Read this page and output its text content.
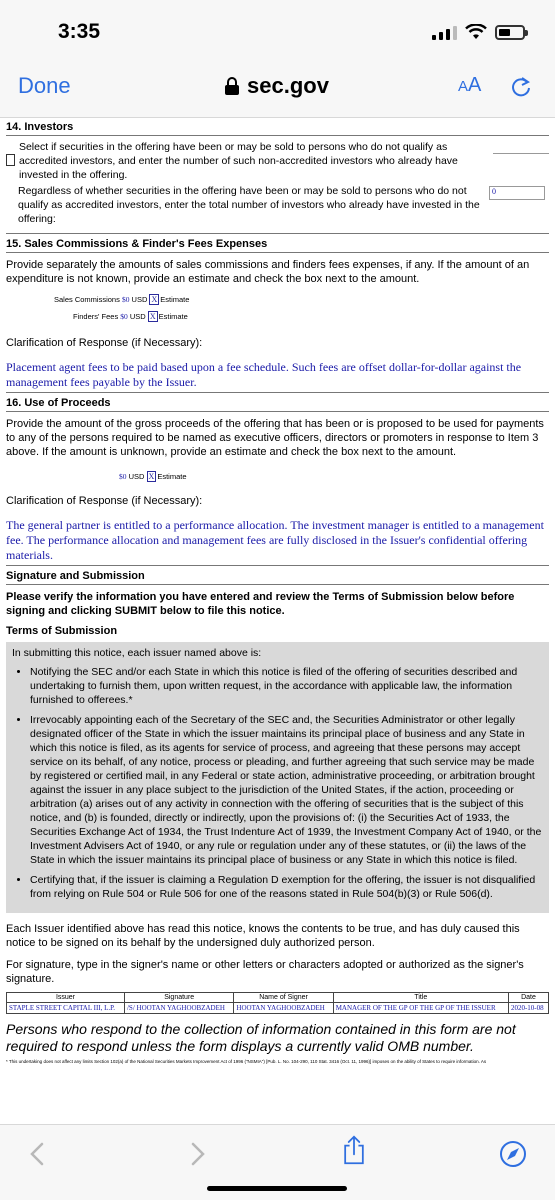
3:35
Done	sec.gov	AA
14. Investors
Select if securities in the offering have been or may be sold to persons who do not qualify as accredited investors, and enter the number of such non-accredited investors who already have invested in the offering.
Regardless of whether securities in the offering have been or may be sold to persons who do not qualify as accredited investors, enter the total number of investors who already have invested in the offering:
0
15. Sales Commissions & Finder's Fees Expenses
Provide separately the amounts of sales commissions and finders fees expenses, if any. If the amount of an expenditure is not known, provide an estimate and check the box next to the amount.
Sales Commissions $0 USD X Estimate
Finders' Fees $0 USD X Estimate
Clarification of Response (if Necessary):
Placement agent fees to be paid based upon a fee schedule. Such fees are offset dollar-for-dollar against the management fees payable by the Issuer.
16. Use of Proceeds
Provide the amount of the gross proceeds of the offering that has been or is proposed to be used for payments to any of the persons required to be named as executive officers, directors or promoters in response to Item 3 above. If the amount is unknown, provide an estimate and check the box next to the amount.
$0 USD X Estimate
Clarification of Response (if Necessary):
The general partner is entitled to a performance allocation. The investment manager is entitled to a management fee. The performance allocation and management fees are fully disclosed in the Issuer's confidential offering materials.
Signature and Submission
Please verify the information you have entered and review the Terms of Submission below before signing and clicking SUBMIT below to file this notice.
Terms of Submission
In submitting this notice, each issuer named above is:
• Notifying the SEC and/or each State in which this notice is filed of the offering of securities described and undertaking to furnish them, upon written request, in the accordance with applicable law, the information furnished to offerees.*
• Irrevocably appointing each of the Secretary of the SEC and, the Securities Administrator or other legally designated officer of the State in which the issuer maintains its principal place of business and any State in which this notice is filed, as its agents for service of process, and agreeing that these persons may accept service on its behalf, of any notice, process or pleading, and further agreeing that such service may be made by registered or certified mail, in any Federal or state action, administrative proceeding, or arbitration brought against the issuer in any place subject to the jurisdiction of the United States, if the action, proceeding or arbitration (a) arises out of any activity in connection with the offering of securities that is the subject of this notice, and (b) is founded, directly or indirectly, upon the provisions of: (i) the Securities Act of 1933, the Securities Exchange Act of 1934, the Trust Indenture Act of 1939, the Investment Company Act of 1940, or the Investment Advisers Act of 1940, or any rule or regulation under any of these statutes, or (ii) the laws of the State in which the issuer maintains its principal place of business or any State in which this notice is filed.
• Certifying that, if the issuer is claiming a Regulation D exemption for the offering, the issuer is not disqualified from relying on Rule 504 or Rule 506 for one of the reasons stated in Rule 504(b)(3) or Rule 506(d).
Each Issuer identified above has read this notice, knows the contents to be true, and has duly caused this notice to be signed on its behalf by the undersigned duly authorized person.
For signature, type in the signer's name or other letters or characters adopted or authorized as the signer's signature.
Issuer	Signature	Name of Signer	Title	Date
STAPLE STREET CAPITAL III, L.P.	/S/ HOOTAN YAGHOOBZADEH	HOOTAN YAGHOOBZADEH	MANAGER OF THE GP OF THE GP OF THE ISSUER	2020-10-08
Persons who respond to the collection of information contained in this form are not required to respond unless the form displays a currently valid OMB number.
* This undertaking does not affect any limits Section 102(a) of the National Securities Markets Improvement Act of 1996 ("NSMIA") [Pub. L. No. 104-290, 110 Stat. 3416 (Oct. 11, 1996)] imposes on the ability of States to require information. As
